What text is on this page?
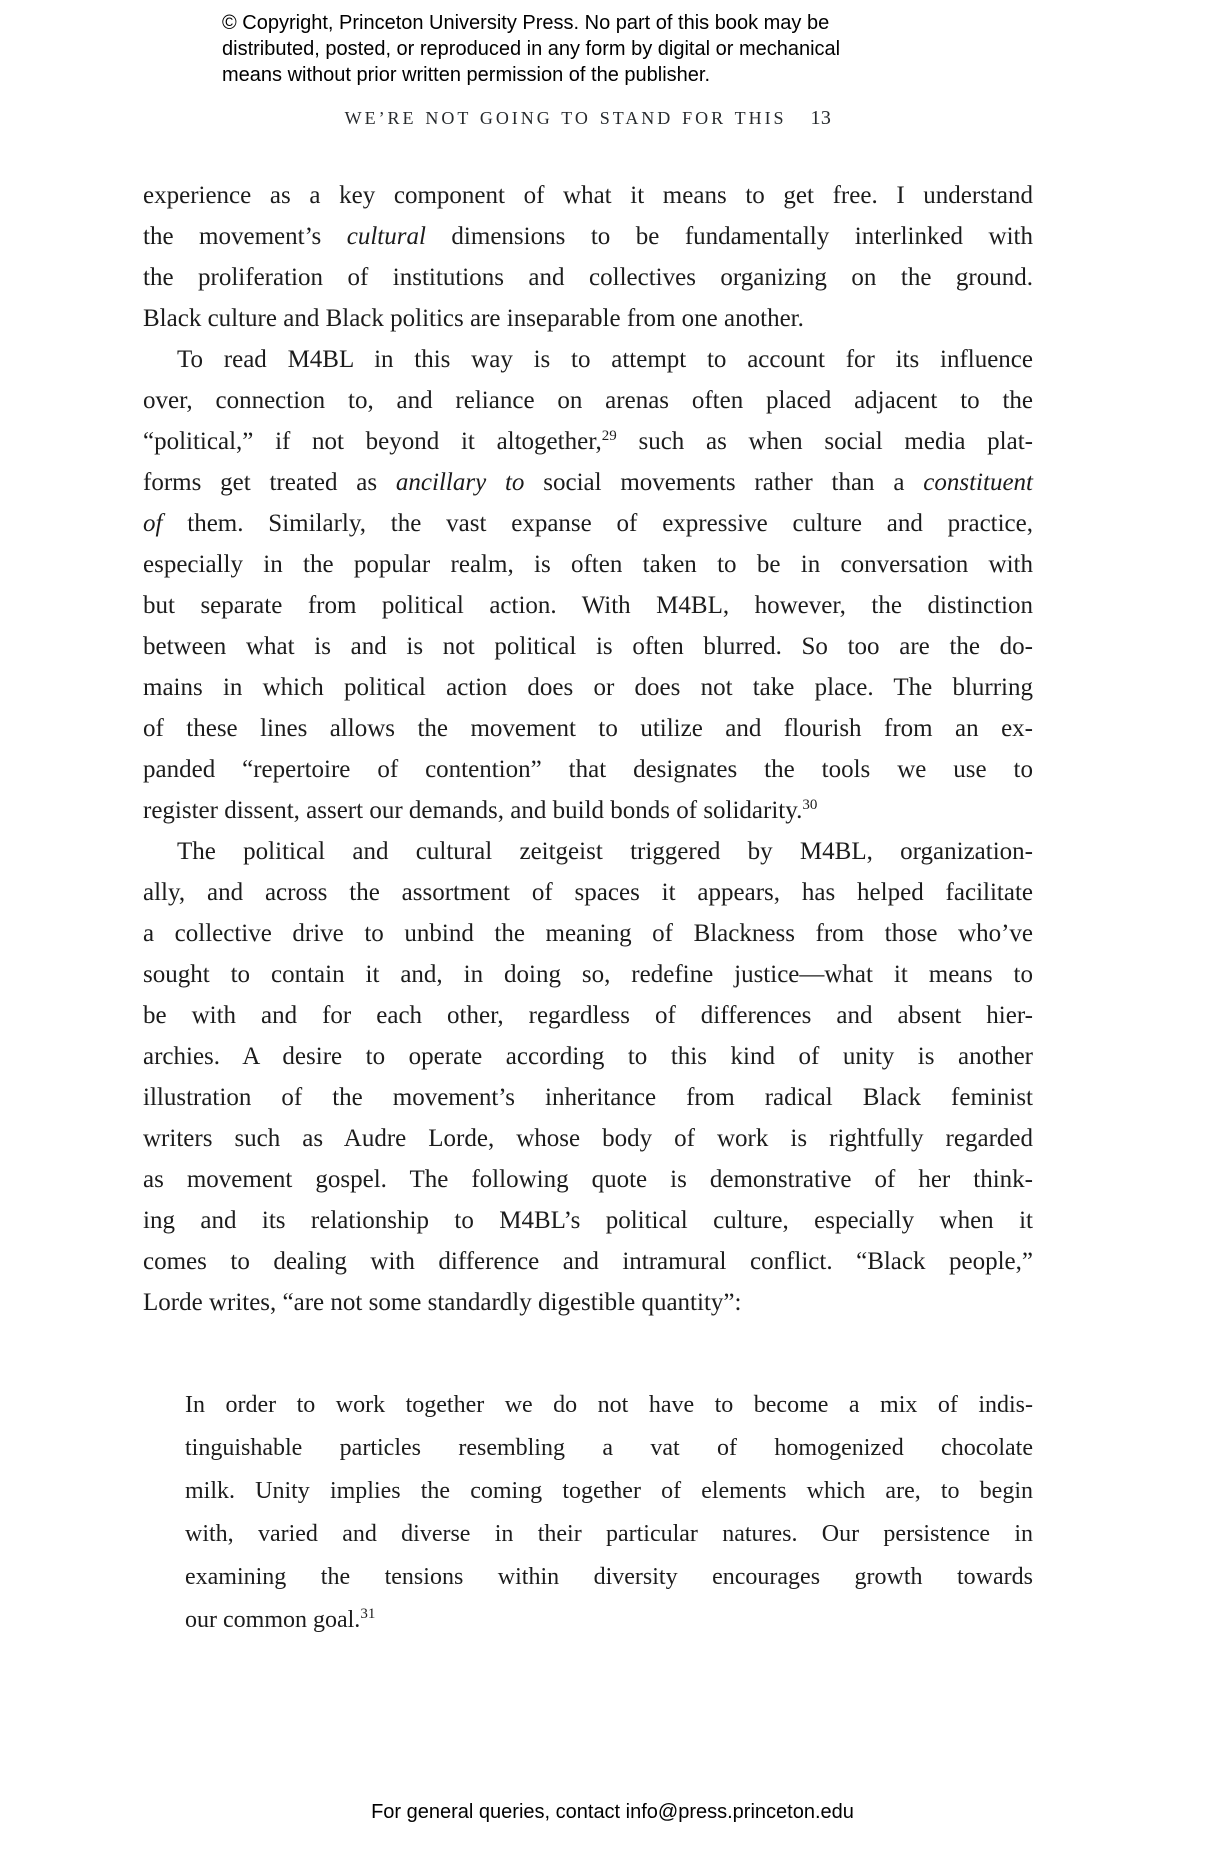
© Copyright, Princeton University Press. No part of this book may be
distributed, posted, or reproduced in any form by digital or mechanical
means without prior written permission of the publisher.
WE’RE NOT GOING TO STAND FOR THIS 13
experience as a key component of what it means to get free. I understand
the movement’s cultural dimensions to be fundamentally interlinked with
the proliferation of institutions and collectives organizing on the ground.
Black culture and Black politics are inseparable from one another.
To read M4BL in this way is to attempt to account for its influence
over, connection to, and reliance on arenas often placed adjacent to the
“political,” if not beyond it altogether,$^{29}$ such as when social media plat-
forms get treated as ancillary to social movements rather than a constituent
of them. Similarly, the vast expanse of expressive culture and practice,
especially in the popular realm, is often taken to be in conversation with
but separate from political action. With M4BL, however, the distinction
between what is and is not political is often blurred. So too are the do-
mains in which political action does or does not take place. The blurring
of these lines allows the movement to utilize and flourish from an ex-
panded “repertoire of contention” that designates the tools we use to
register dissent, assert our demands, and build bonds of solidarity.$^{30}$
The political and cultural zeitgeist triggered by M4BL, organization-
ally, and across the assortment of spaces it appears, has helped facilitate
a collective drive to unbind the meaning of Blackness from those who’ve
sought to contain it and, in doing so, redefine justice—what it means to
be with and for each other, regardless of differences and absent hier-
archies. A desire to operate according to this kind of unity is another
illustration of the movement’s inheritance from radical Black feminist
writers such as Audre Lorde, whose body of work is rightfully regarded
as movement gospel. The following quote is demonstrative of her think-
ing and its relationship to M4BL’s political culture, especially when it
comes to dealing with difference and intramural conflict. “Black people,”
Lorde writes, “are not some standardly digestible quantity”:
In order to work together we do not have to become a mix of indis-
tinguishable particles resembling a vat of homogenized chocolate
milk. Unity implies the coming together of elements which are, to begin
with, varied and diverse in their particular natures. Our persistence in
examining the tensions within diversity encourages growth towards
our common goal.$^{31}$
For general queries, contact info@press.princeton.edu
